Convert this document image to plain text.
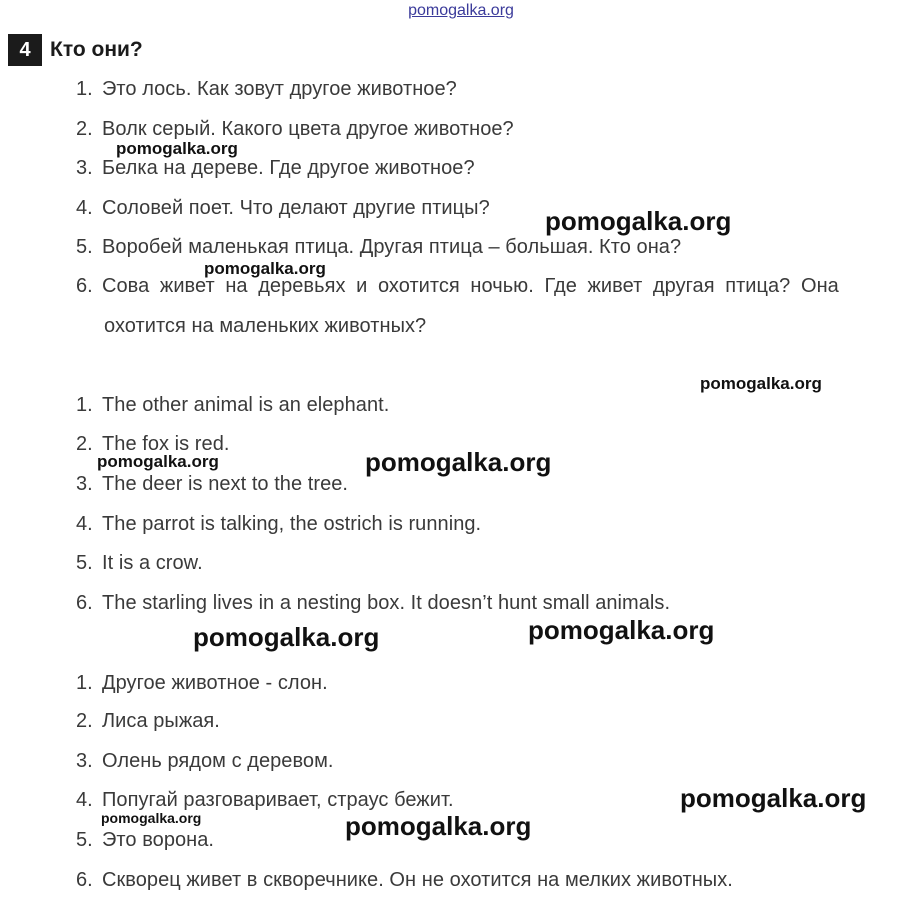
pomogalka.org
4 Кто они?
1. Это лось. Как зовут другое животное?
2. Волк серый. Какого цвета другое животное?
3. Белка на дереве. Где другое животное?
4. Соловей поет. Что делают другие птицы?
5. Воробей маленькая птица. Другая птица – большая. Кто она?
6. Сова живет на деревьях и охотится ночью. Где живет другая птица? Она
охотится на маленьких животных?
1. The other animal is an elephant.
2. The fox is red.
3. The deer is next to the tree.
4. The parrot is talking, the ostrich is running.
5. It is a crow.
6. The starling lives in a nesting box. It doesn’t hunt small animals.
1. Другое животное - слон.
2. Лиса рыжая.
3. Олень рядом с деревом.
4. Попугай разговаривает, страус бежит.
5. Это ворона.
6. Скворец живет в скворечнике. Он не охотится на мелких животных.
pomogalka.org
pomogalka.org
pomogalka.org
pomogalka.org
pomogalka.org	pomogalka.org
pomogalka.org	pomogalka.org
pomogalka.org
pomogalka.org	pomogalka.org
